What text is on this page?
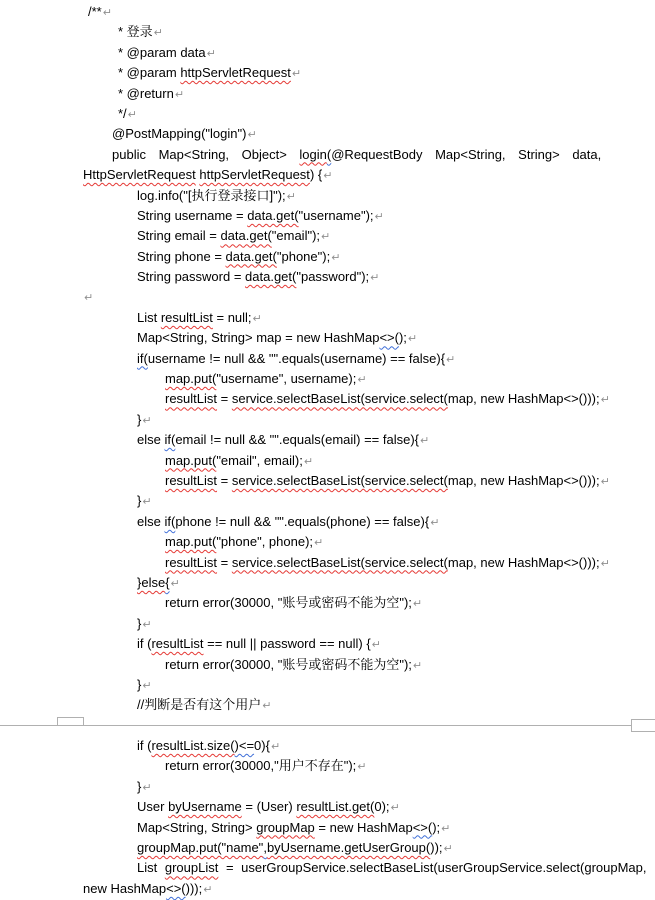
/**↵
* 登录↵
* @param data↵
* @param httpServletRequest↵
* @return↵
*/↵
@PostMapping("login")↵
public Map<String, Object> login(@RequestBody Map<String, String> data,
HttpServletRequest httpServletRequest) {↵
log.info("[执行登录接口]");↵
String username = data.get("username");↵
String email = data.get("email");↵
String phone = data.get("phone");↵
String password = data.get("password");↵
↵
List resultList = null;↵
Map<String, String> map = new HashMap<>();↵
if(username != null && "".equals(username) == false){↵
map.put("username", username);↵
resultList = service.selectBaseList(service.select(map, new HashMap<>()));↵
}↵
else if(email != null && "".equals(email) == false){↵
map.put("email", email);↵
resultList = service.selectBaseList(service.select(map, new HashMap<>()));↵
}↵
else if(phone != null && "".equals(phone) == false){↵
map.put("phone", phone);↵
resultList = service.selectBaseList(service.select(map, new HashMap<>()));↵
}else{↵
return error(30000, "账号或密码不能为空");↵
}↵
if (resultList == null || password == null) {↵
return error(30000, "账号或密码不能为空");↵
}↵
//判断是否有这个用户↵
if (resultList.size()<=0){↵
return error(30000,"用户不存在");↵
}↵
User byUsername = (User) resultList.get(0);↵
Map<String, String> groupMap = new HashMap<>();↵
groupMap.put("name",byUsername.getUserGroup());↵
List groupList = userGroupService.selectBaseList(userGroupService.select(groupMap,
new HashMap<>()));↵
